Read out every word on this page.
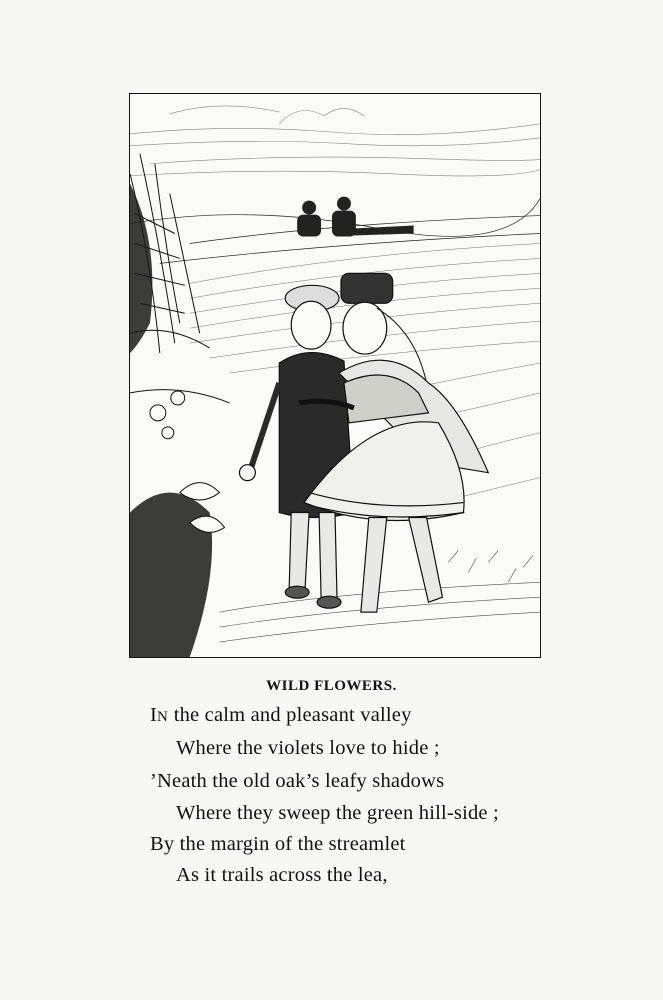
WILD FLOWERS.
IN the calm and pleasant valley
Where the violets love to hide ;
’Neath the old oak’s leafy shadows
Where they sweep the green hill-side ;
By the margin of the streamlet
As it trails across the lea,
